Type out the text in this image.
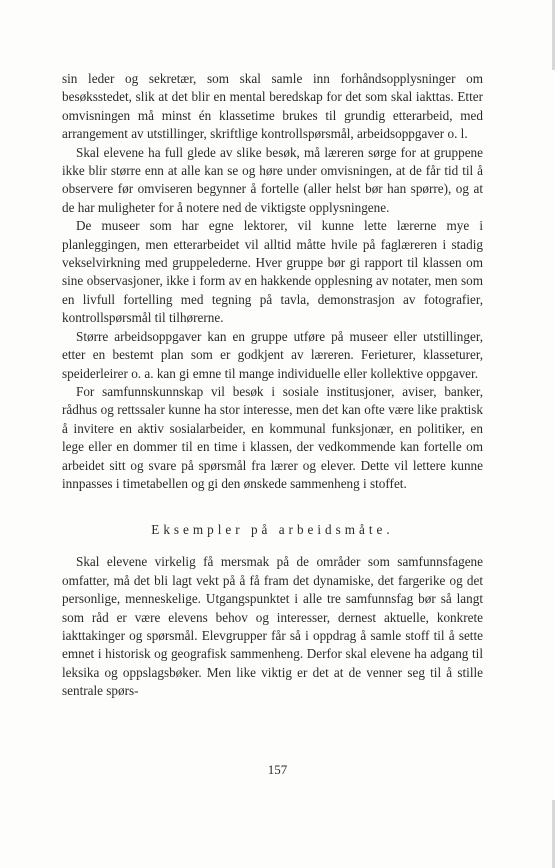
sin leder og sekretær, som skal samle inn forhåndsopplysninger om besøksstedet, slik at det blir en mental beredskap for det som skal iakttas. Etter omvisningen må minst én klassetime brukes til grundig etterarbeid, med arrangement av utstillinger, skriftlige kontrollspørsmål, arbeidsoppgaver o. l.

Skal elevene ha full glede av slike besøk, må læreren sørge for at gruppene ikke blir større enn at alle kan se og høre under omvisningen, at de får tid til å observere før omviseren begynner å fortelle (aller helst bør han spørre), og at de har muligheter for å notere ned de viktigste opplysningene.

De museer som har egne lektorer, vil kunne lette lærerne mye i planleggingen, men etterarbeidet vil alltid måtte hvile på faglæreren i stadig vekselvirkning med gruppelederne. Hver gruppe bør gi rapport til klassen om sine observasjoner, ikke i form av en hakkende opplesning av notater, men som en livfull fortelling med tegning på tavla, demonstrasjon av fotografier, kontrollspørsmål til tilhørerne.

Større arbeidsoppgaver kan en gruppe utføre på museer eller utstillinger, etter en bestemt plan som er godkjent av læreren. Ferieturer, klasseturer, speiderleirer o. a. kan gi emne til mange individuelle eller kollektive oppgaver.

For samfunnskunnskap vil besøk i sosiale institusjoner, aviser, banker, rådhus og rettssaler kunne ha stor interesse, men det kan ofte være like praktisk å invitere en aktiv sosialarbeider, en kommunal funksjonær, en politiker, en lege eller en dommer til en time i klassen, der vedkommende kan fortelle om arbeidet sitt og svare på spørsmål fra lærer og elever. Dette vil lettere kunne innpasses i timetabellen og gi den ønskede sammenheng i stoffet.

Eksempler på arbeidsmåte.

Skal elevene virkelig få mersmak på de områder som samfunnsfagene omfatter, må det bli lagt vekt på å få fram det dynamiske, det fargerike og det personlige, menneskelige. Utgangspunktet i alle tre samfunnsfag bør så langt som råd er være elevens behov og interesser, dernest aktuelle, konkrete iakttakinger og spørsmål. Elevgrupper får så i oppdrag å samle stoff til å sette emnet i historisk og geografisk sammenheng. Derfor skal elevene ha adgang til leksika og oppslagsbøker. Men like viktig er det at de venner seg til å stille sentrale spørs-

157
